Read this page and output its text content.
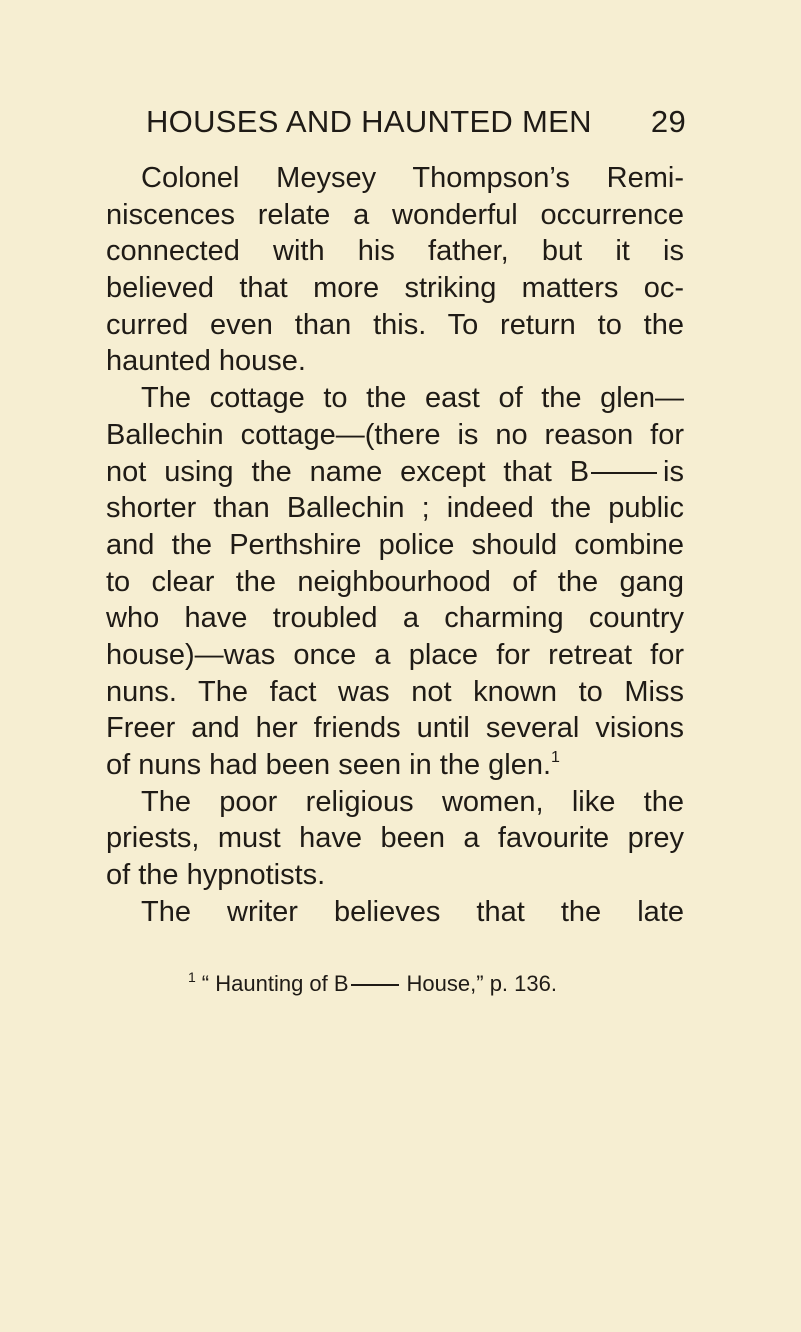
HOUSES AND HAUNTED MEN 29
Colonel Meysey Thompson’s Remi-
niscences relate a wonderful occurrence
connected with his father, but it is
believed that more striking matters oc-
curred even than this. To return to the
haunted house.
The cottage to the east of the glen—
Ballechin cottage—(there is no reason for
not using the name except that B	is
shorter than Ballechin ; indeed the public
and the Perthshire police should combine
to clear the neighbourhood of the gang
who have troubled a charming country
house)—was once a place for retreat for
nuns. The fact was not known to Miss
Freer and her friends until several visions
of nuns had been seen in the glen.$^1$
The poor religious women, like the
priests, must have been a favourite prey
of the hypnotists.
The writer believes that the late
$^1$ “ Haunting of B	House,” p. 136.
